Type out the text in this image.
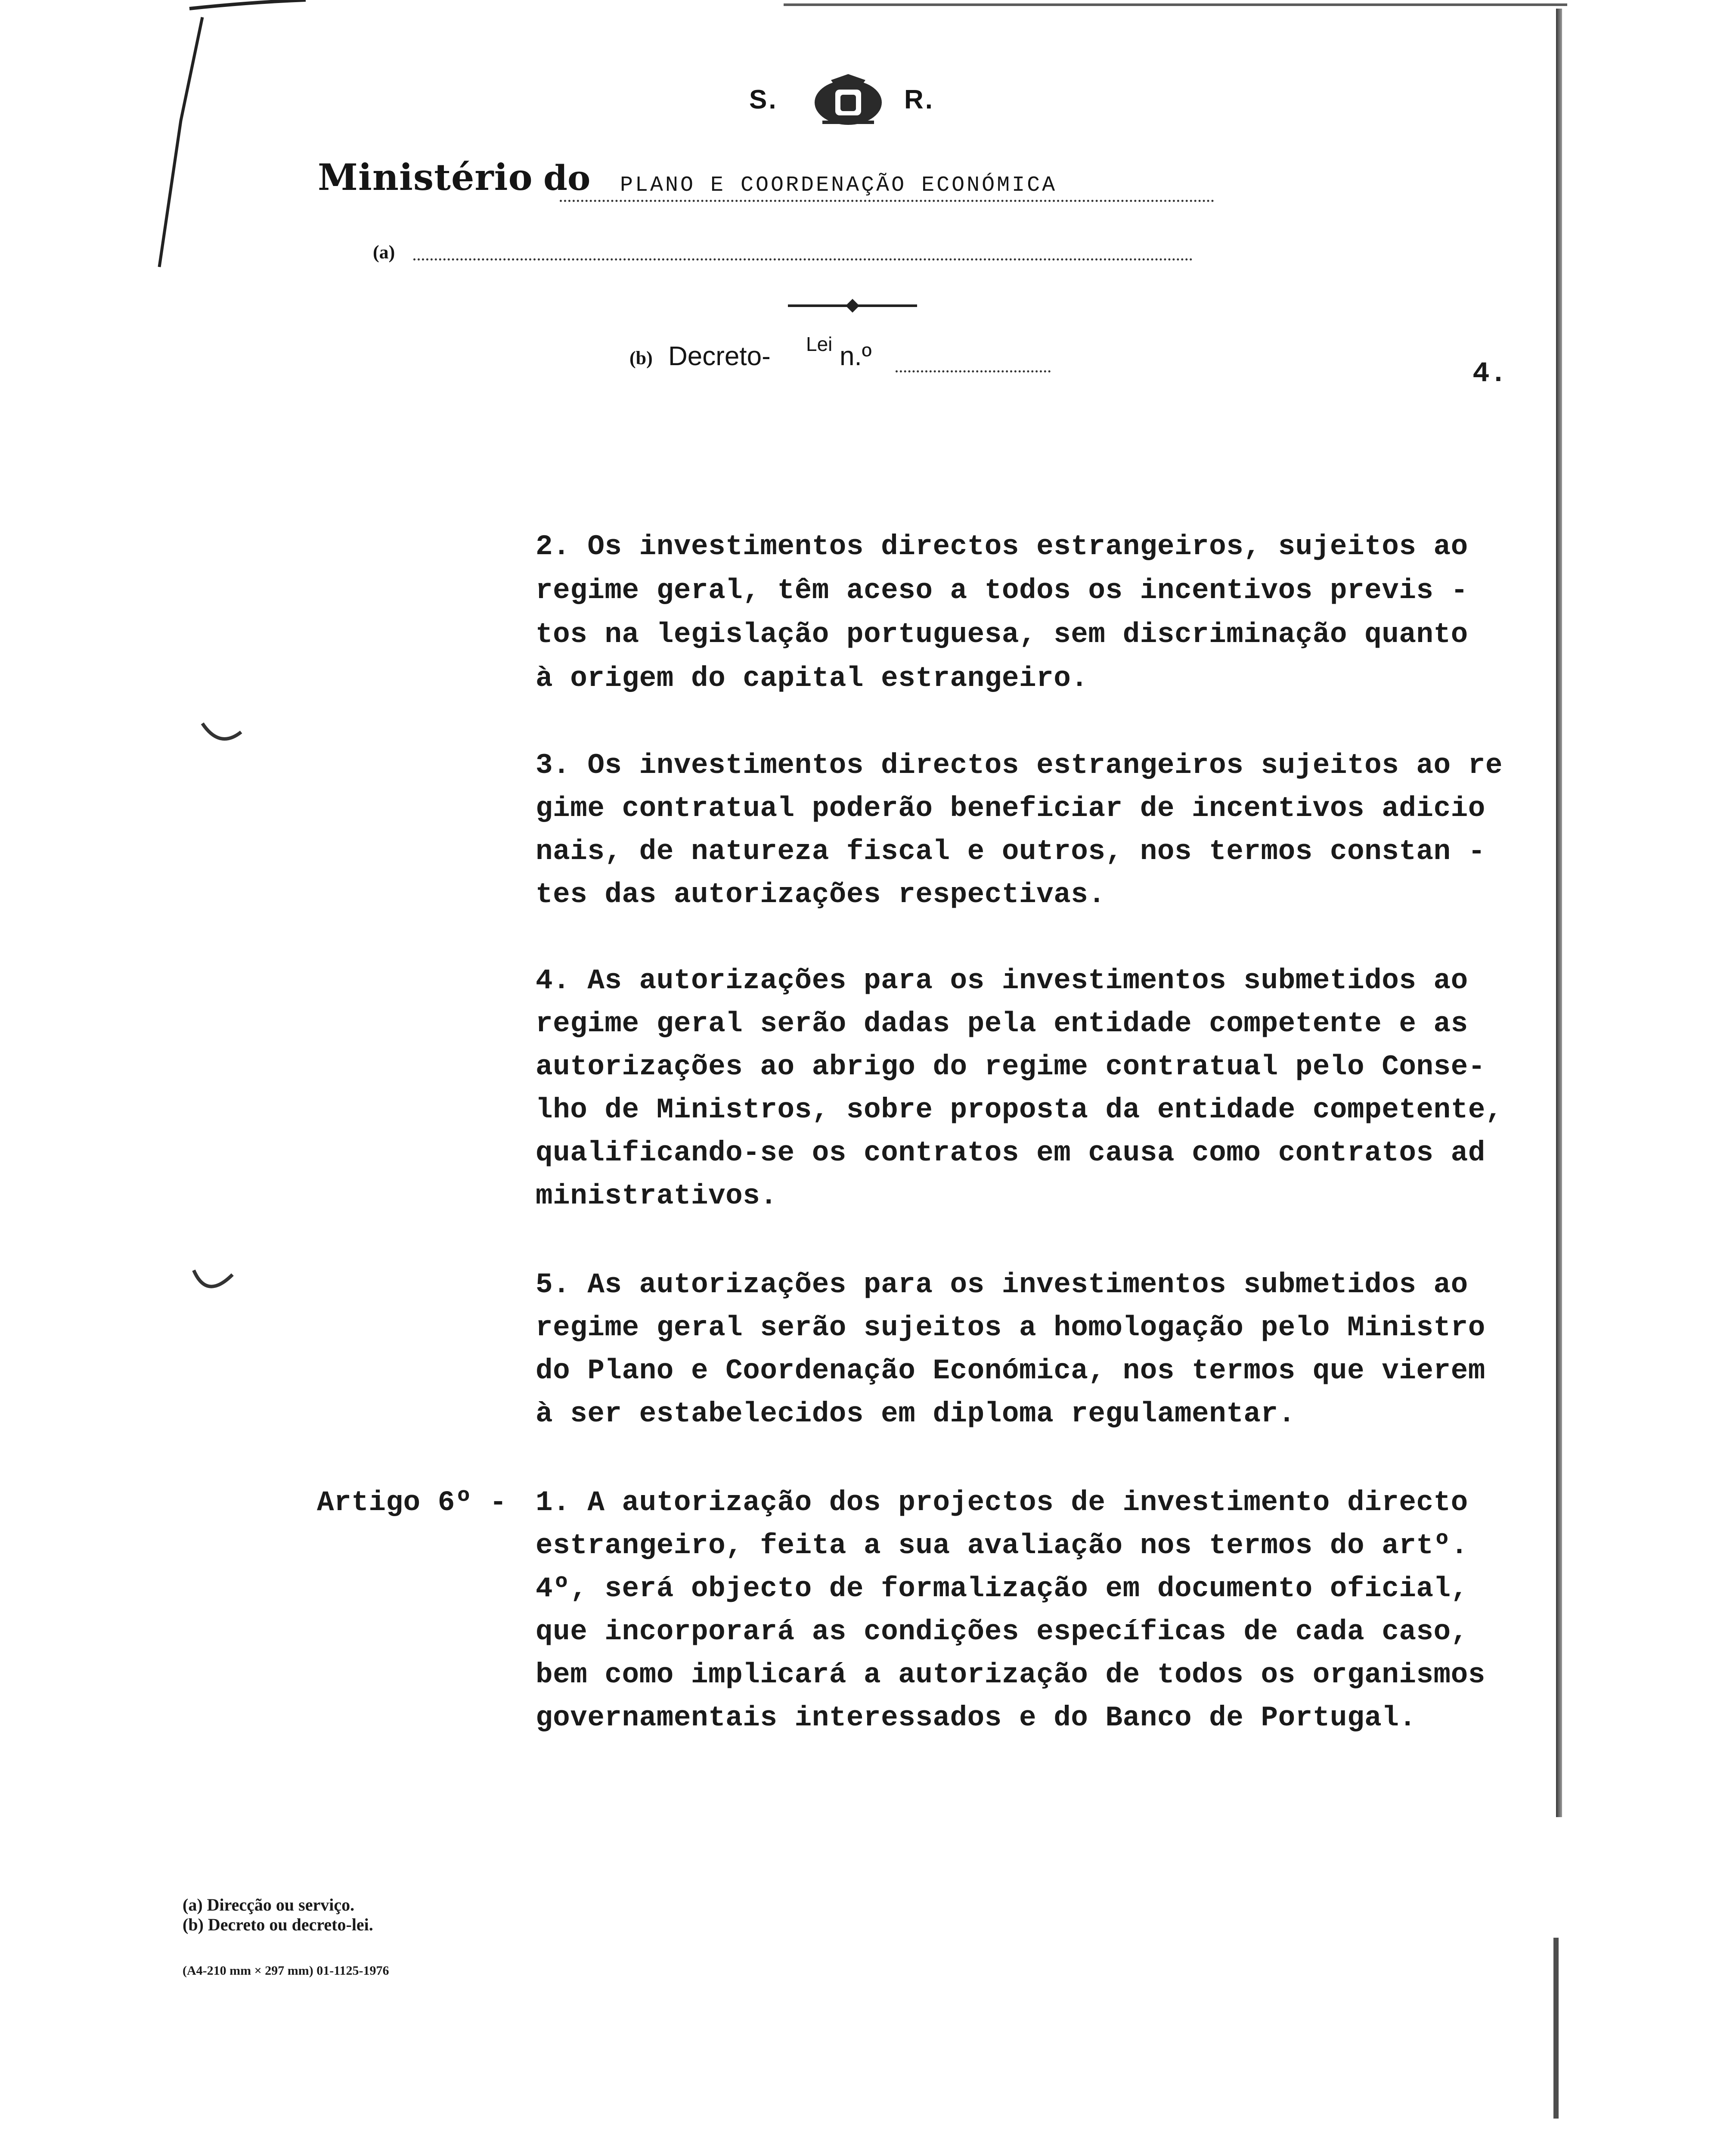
S.	R.
Ministério do PLANO E COORDENAÇÃO ECONÓMICA
(a)
(b) Decreto- Lei n.º
4.
2. Os investimentos directos estrangeiros, sujeitos ao
regime geral, têm aceso a todos os incentivos previs -
tos na legislação portuguesa, sem discriminação quanto
à origem do capital estrangeiro.
3. Os investimentos directos estrangeiros sujeitos ao re
gime contratual poderão beneficiar de incentivos adicio
nais, de natureza fiscal e outros, nos termos constan -
tes das autorizações respectivas.
4. As autorizações para os investimentos submetidos ao
regime geral serão dadas pela entidade competente e as
autorizações ao abrigo do regime contratual pelo Conse-
lho de Ministros, sobre proposta da entidade competente,
qualificando-se os contratos em causa como contratos ad
ministrativos.
5. As autorizações para os investimentos submetidos ao
regime geral serão sujeitos a homologação pelo Ministro
do Plano e Coordenação Económica, nos termos que vierem
à ser estabelecidos em diploma regulamentar.
Artigo 6º - 1. A autorização dos projectos de investimento directo
estrangeiro, feita a sua avaliação nos termos do artº.
4º, será objecto de formalização em documento oficial,
que incorporará as condições específicas de cada caso,
bem como implicará a autorização de todos os organismos
governamentais interessados e do Banco de Portugal.
(a) Direcção ou serviço.
(b) Decreto ou decreto-lei.
(A4-210 mm × 297 mm) 01-1125-1976
